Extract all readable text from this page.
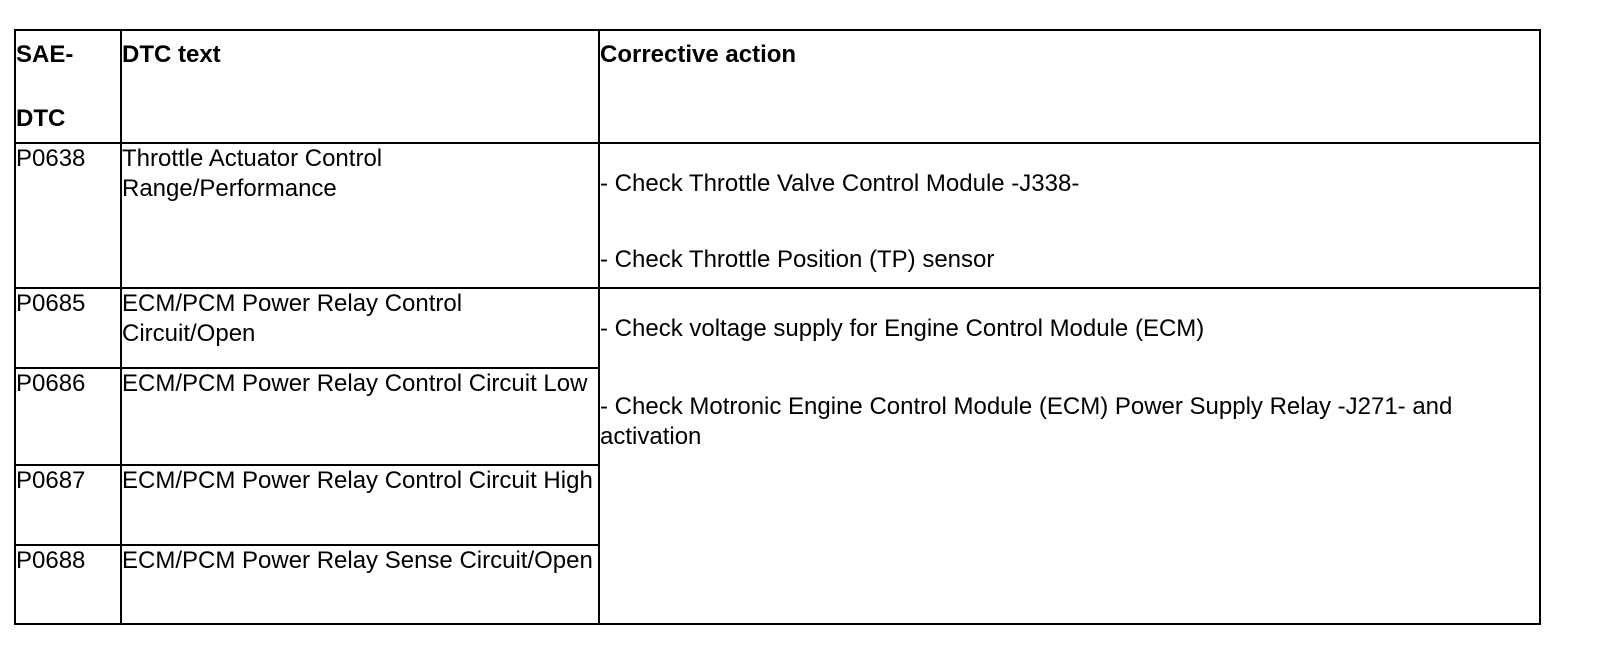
SAE-
DTC	DTC text	Corrective action

P0638	Throttle Actuator Control Range/Performance	- Check Throttle Valve Control Module -J338-
- Check Throttle Position (TP) sensor

P0685	ECM/PCM Power Relay Control Circuit/Open	- Check voltage supply for Engine Control Module (ECM)
- Check Motronic Engine Control Module (ECM) Power Supply Relay -J271- and activation

P0686	ECM/PCM Power Relay Control Circuit Low	
P0687	ECM/PCM Power Relay Control Circuit High	
P0688	ECM/PCM Power Relay Sense Circuit/Open	
